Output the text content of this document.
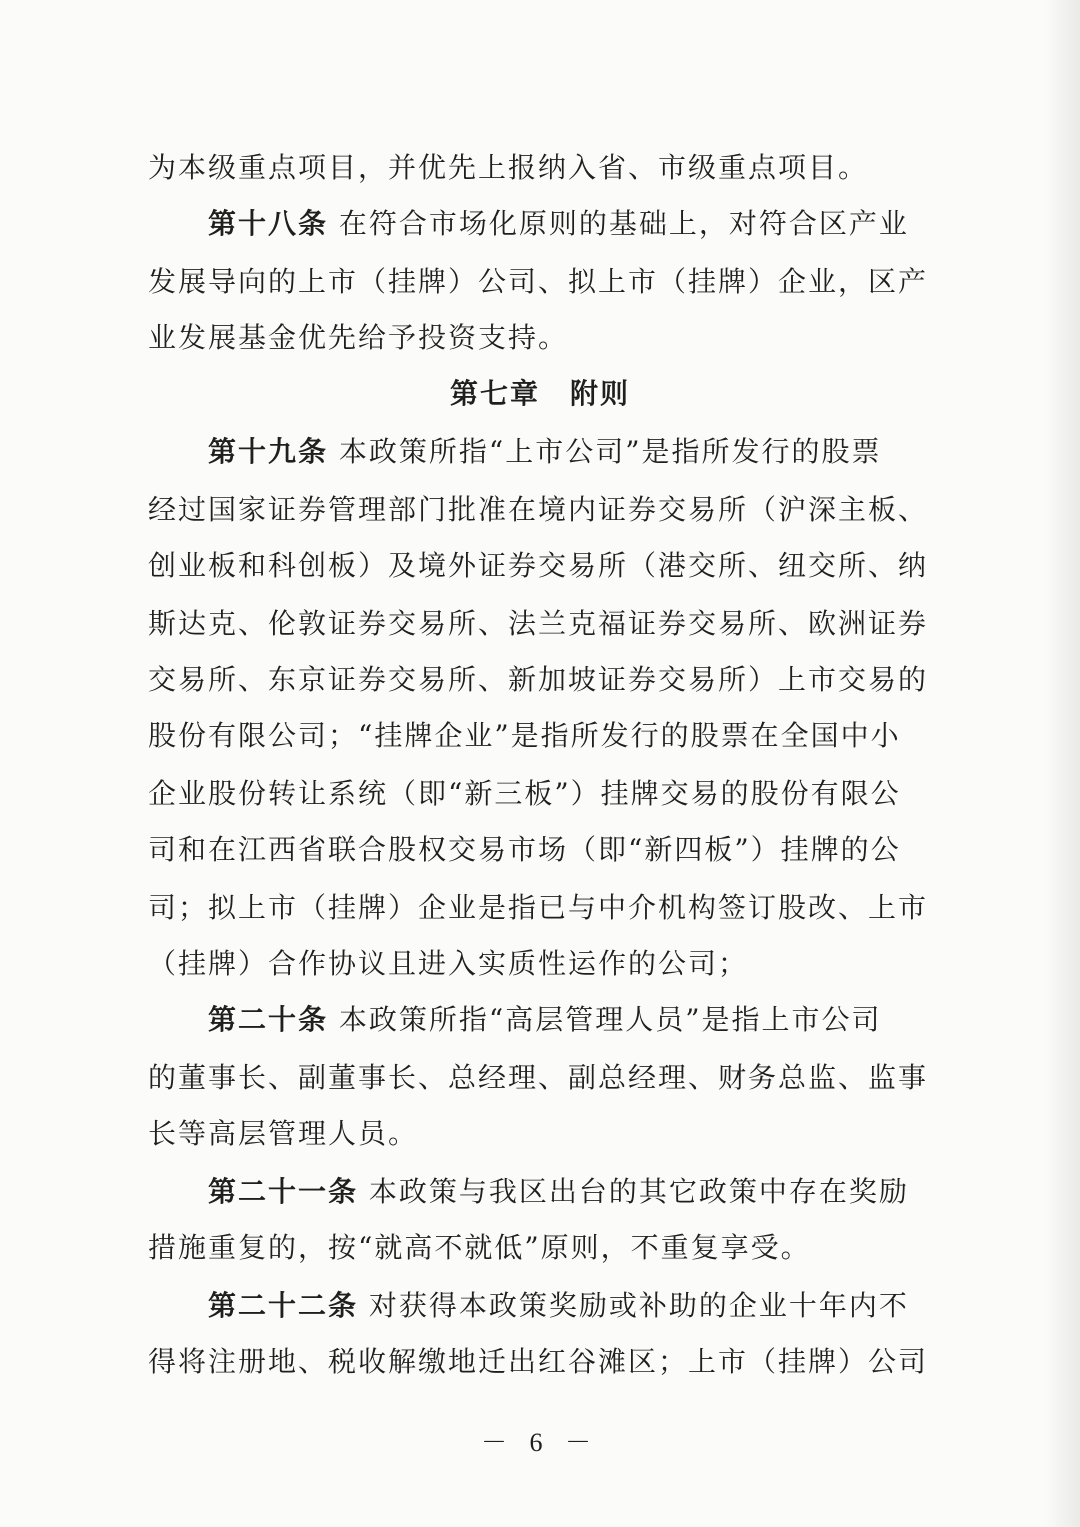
为本级重点项目，并优先上报纳入省、市级重点项目。
第十八条 在符合市场化原则的基础上，对符合区产业
发展导向的上市（挂牌）公司、拟上市（挂牌）企业，区产
业发展基金优先给予投资支持。
第七章　附则
第十九条 本政策所指“上市公司”是指所发行的股票
经过国家证券管理部门批准在境内证券交易所（沪深主板、
创业板和科创板）及境外证券交易所（港交所、纽交所、纳
斯达克、伦敦证券交易所、法兰克福证券交易所、欧洲证券
交易所、东京证券交易所、新加坡证券交易所）上市交易的
股份有限公司；“挂牌企业”是指所发行的股票在全国中小
企业股份转让系统（即“新三板”）挂牌交易的股份有限公
司和在江西省联合股权交易市场（即“新四板”）挂牌的公
司；拟上市（挂牌）企业是指已与中介机构签订股改、上市
（挂牌）合作协议且进入实质性运作的公司；
第二十条 本政策所指“高层管理人员”是指上市公司
的董事长、副董事长、总经理、副总经理、财务总监、监事
长等高层管理人员。
第二十一条 本政策与我区出台的其它政策中存在奖励
措施重复的，按“就高不就低”原则，不重复享受。
第二十二条 对获得本政策奖励或补助的企业十年内不
得将注册地、税收解缴地迁出红谷滩区；上市（挂牌）公司
－ 6 －
